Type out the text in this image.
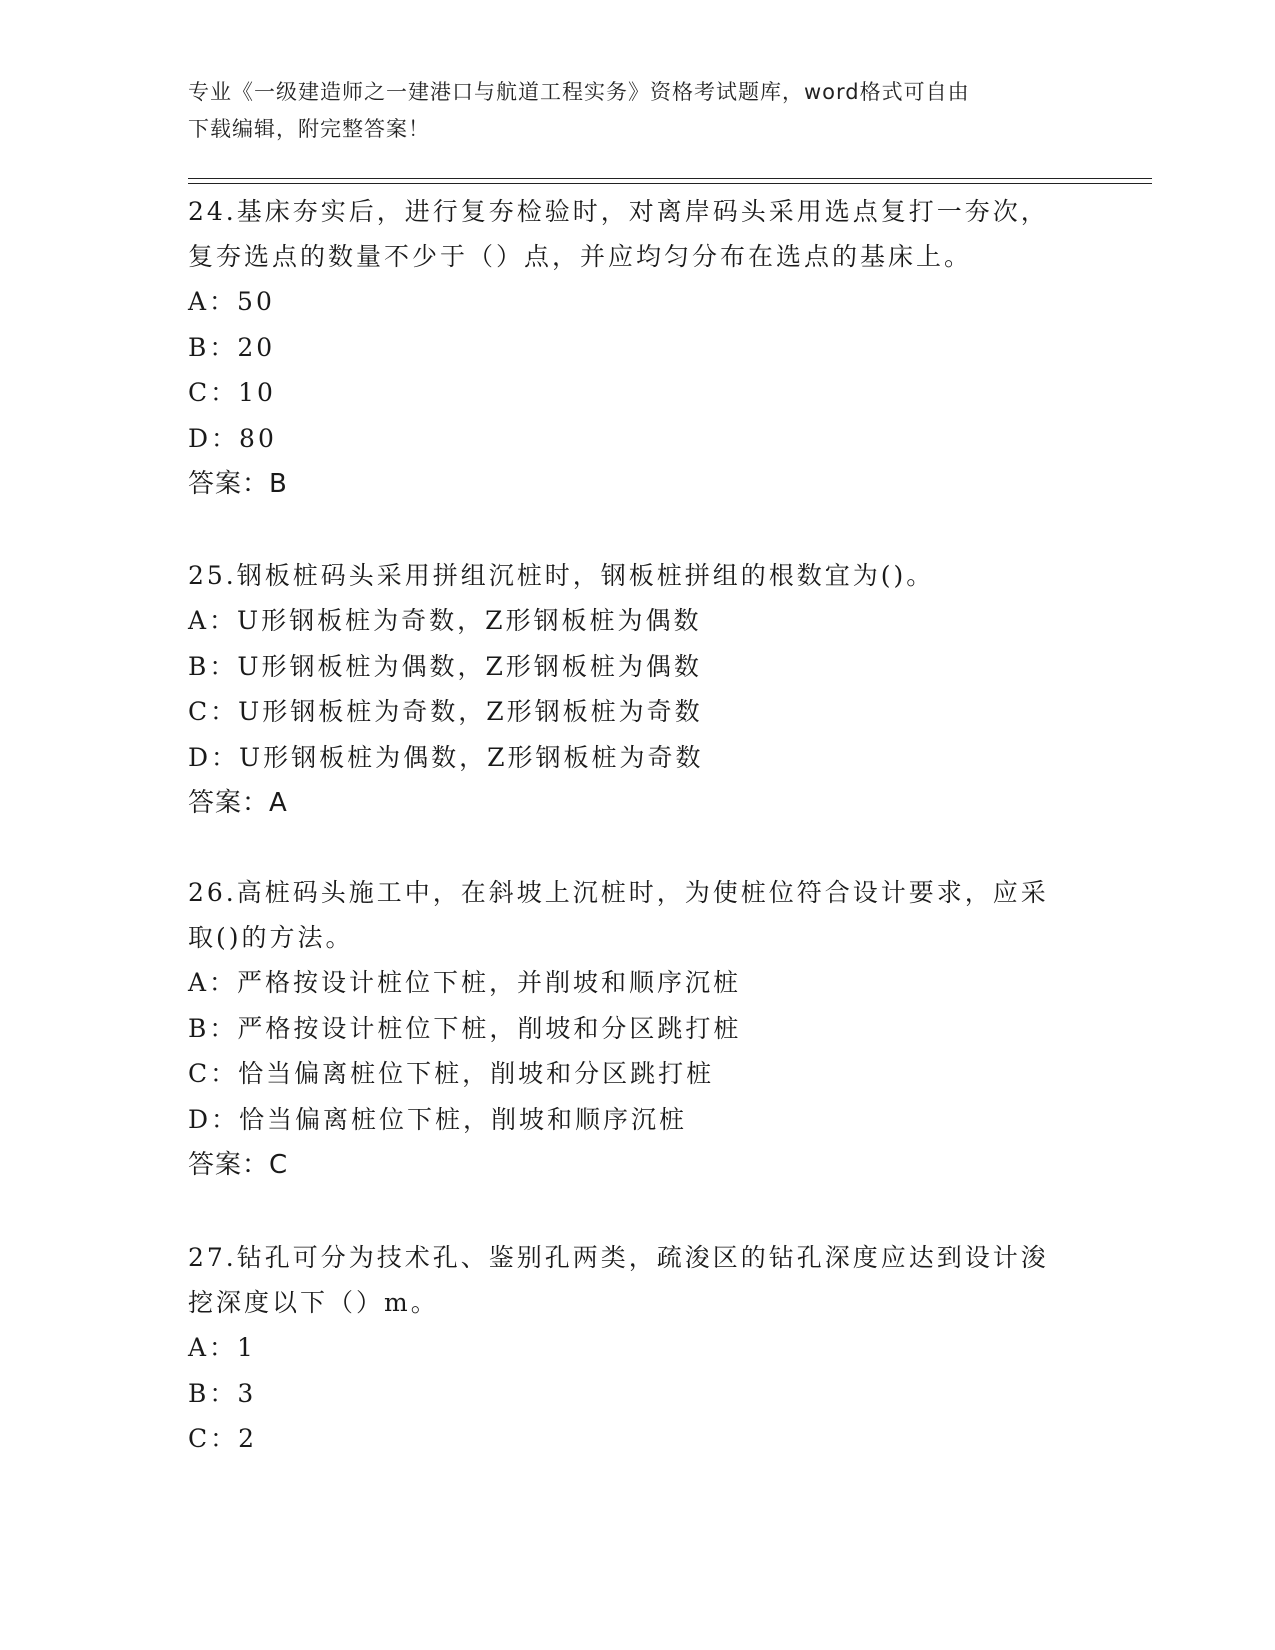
专业《一级建造师之一建港口与航道工程实务》资格考试题库，word格式可自由
下载编辑，附完整答案！
24.基床夯实后，进行复夯检验时，对离岸码头采用选点复打一夯次，
复夯选点的数量不少于（）点，并应均匀分布在选点的基床上。
A：50
B：20
C：10
D：80
答案：B
25.钢板桩码头采用拼组沉桩时，钢板桩拼组的根数宜为()。
A：U形钢板桩为奇数，Z形钢板桩为偶数
B：U形钢板桩为偶数，Z形钢板桩为偶数
C：U形钢板桩为奇数，Z形钢板桩为奇数
D：U形钢板桩为偶数，Z形钢板桩为奇数
答案：A
26.高桩码头施工中，在斜坡上沉桩时，为使桩位符合设计要求，应采
取()的方法。
A：严格按设计桩位下桩，并削坡和顺序沉桩
B：严格按设计桩位下桩，削坡和分区跳打桩
C：恰当偏离桩位下桩，削坡和分区跳打桩
D：恰当偏离桩位下桩，削坡和顺序沉桩
答案：C
27.钻孔可分为技术孔、鉴别孔两类，疏浚区的钻孔深度应达到设计浚
挖深度以下（）m。
A：1
B：3
C：2
